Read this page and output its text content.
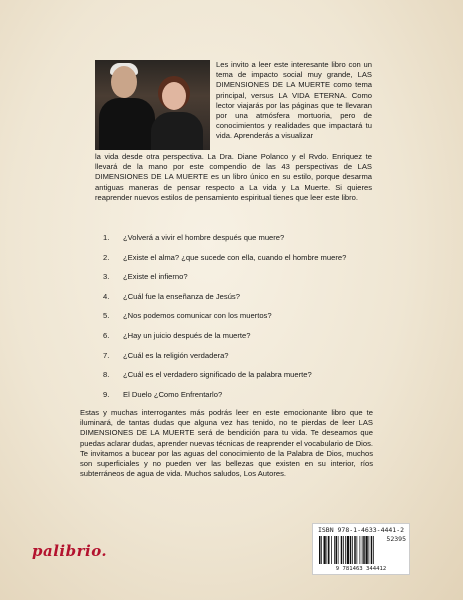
Les invito a leer este interesante libro con un tema de impacto social muy grande, LAS DIMENSIONES DE LA MUERTE como tema principal, versus LA VIDA ETERNA. Como lector viajarás por las páginas que te llevaran por una atmósfera mortuoria, pero de conocimientos y realidades que impactará tu vida. Aprenderás a visualizar
la vida desde otra perspectiva. La Dra. Diane Polanco y el Rvdo. Enriquez te llevará de la mano por este compendio de las 43 perspectivas de LAS DIMENSIONES DE LA MUERTE es un libro único en su estilo, porque desarma antiguas maneras de pensar respecto a La vida y La Muerte. Si quieres reaprender nuevos estilos de pensamiento espiritual tienes que leer este libro.
1.	¿Volverá a vivir el hombre después que muere?
2.	¿Existe el alma? ¿que sucede con ella, cuando el hombre muere?
3.	¿Existe el infierno?
4.	¿Cuál fue la enseñanza de Jesús?
5.	¿Nos podemos comunicar con los muertos?
6.	¿Hay un juicio después de la muerte?
7.	¿Cuál es la religión verdadera?
8.	¿Cuál es el verdadero significado de la palabra muerte?
9.	El Duelo ¿Como Enfrentarlo?
Estas y muchas interrogantes más podrás leer en este emocionante libro que te iluminará, de tantas dudas que alguna vez has tenido, no te pierdas de leer LAS DIMENSIONES DE LA MUERTE será de bendición para tu vida. Te deseamos que puedas aclarar dudas, aprender nuevas técnicas de reaprender el vocabulario de Dios. Te invitamos a bucear por las aguas del conocimiento de la Palabra de Dios, muchos son superficiales y no pueden ver las bellezas que existen en su interior, ríos subterráneos de agua de vida. Muchos saludos, Los Autores.
palibrio.
ISBN 978-1-4633-4441-2
52395
9 781463 344412
